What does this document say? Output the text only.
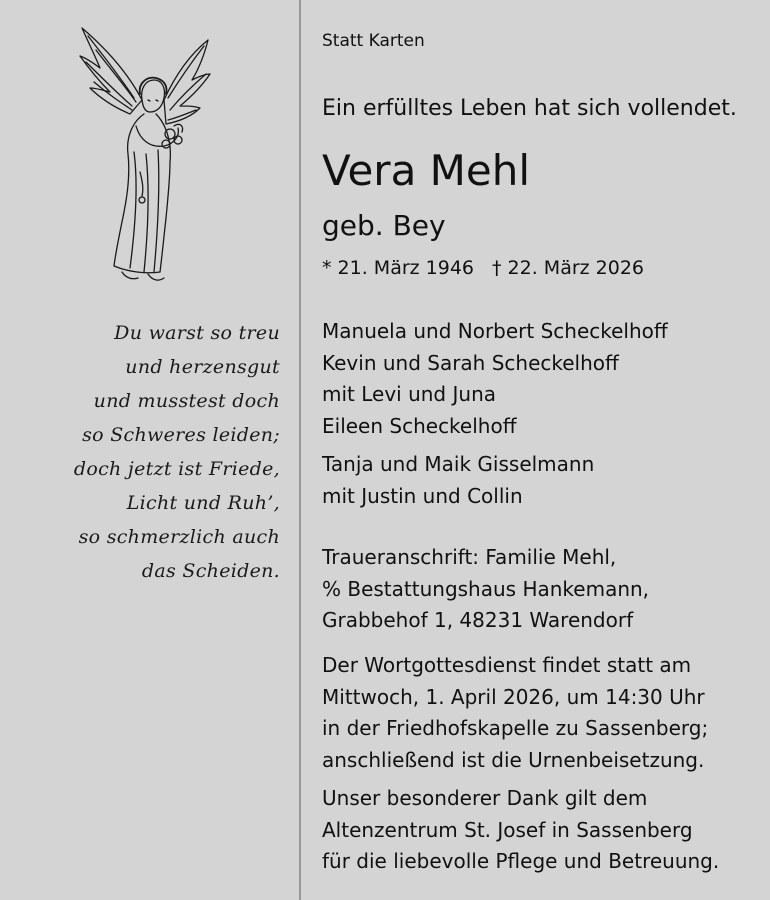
Du warst so treu
und herzensgut
und musstest doch
so Schweres leiden;
doch jetzt ist Friede,
Licht und Ruh’,
so schmerzlich auch
das Scheiden.
Statt Karten
Ein erfülltes Leben hat sich vollendet.
Vera Mehl
geb. Bey
* 21. März 1946 † 22. März 2026
Manuela und Norbert Scheckelhoff
Kevin und Sarah Scheckelhoff
mit Levi und Juna
Eileen Scheckelhoff
Tanja und Maik Gisselmann
mit Justin und Collin
Traueranschrift: Familie Mehl,
% Bestattungshaus Hankemann,
Grabbehof 1, 48231 Warendorf
Der Wortgottesdienst findet statt am
Mittwoch, 1. April 2026, um 14:30 Uhr
in der Friedhofskapelle zu Sassenberg;
anschließend ist die Urnenbeisetzung.
Unser besonderer Dank gilt dem
Altenzentrum St. Josef in Sassenberg
für die liebevolle Pflege und Betreuung.
